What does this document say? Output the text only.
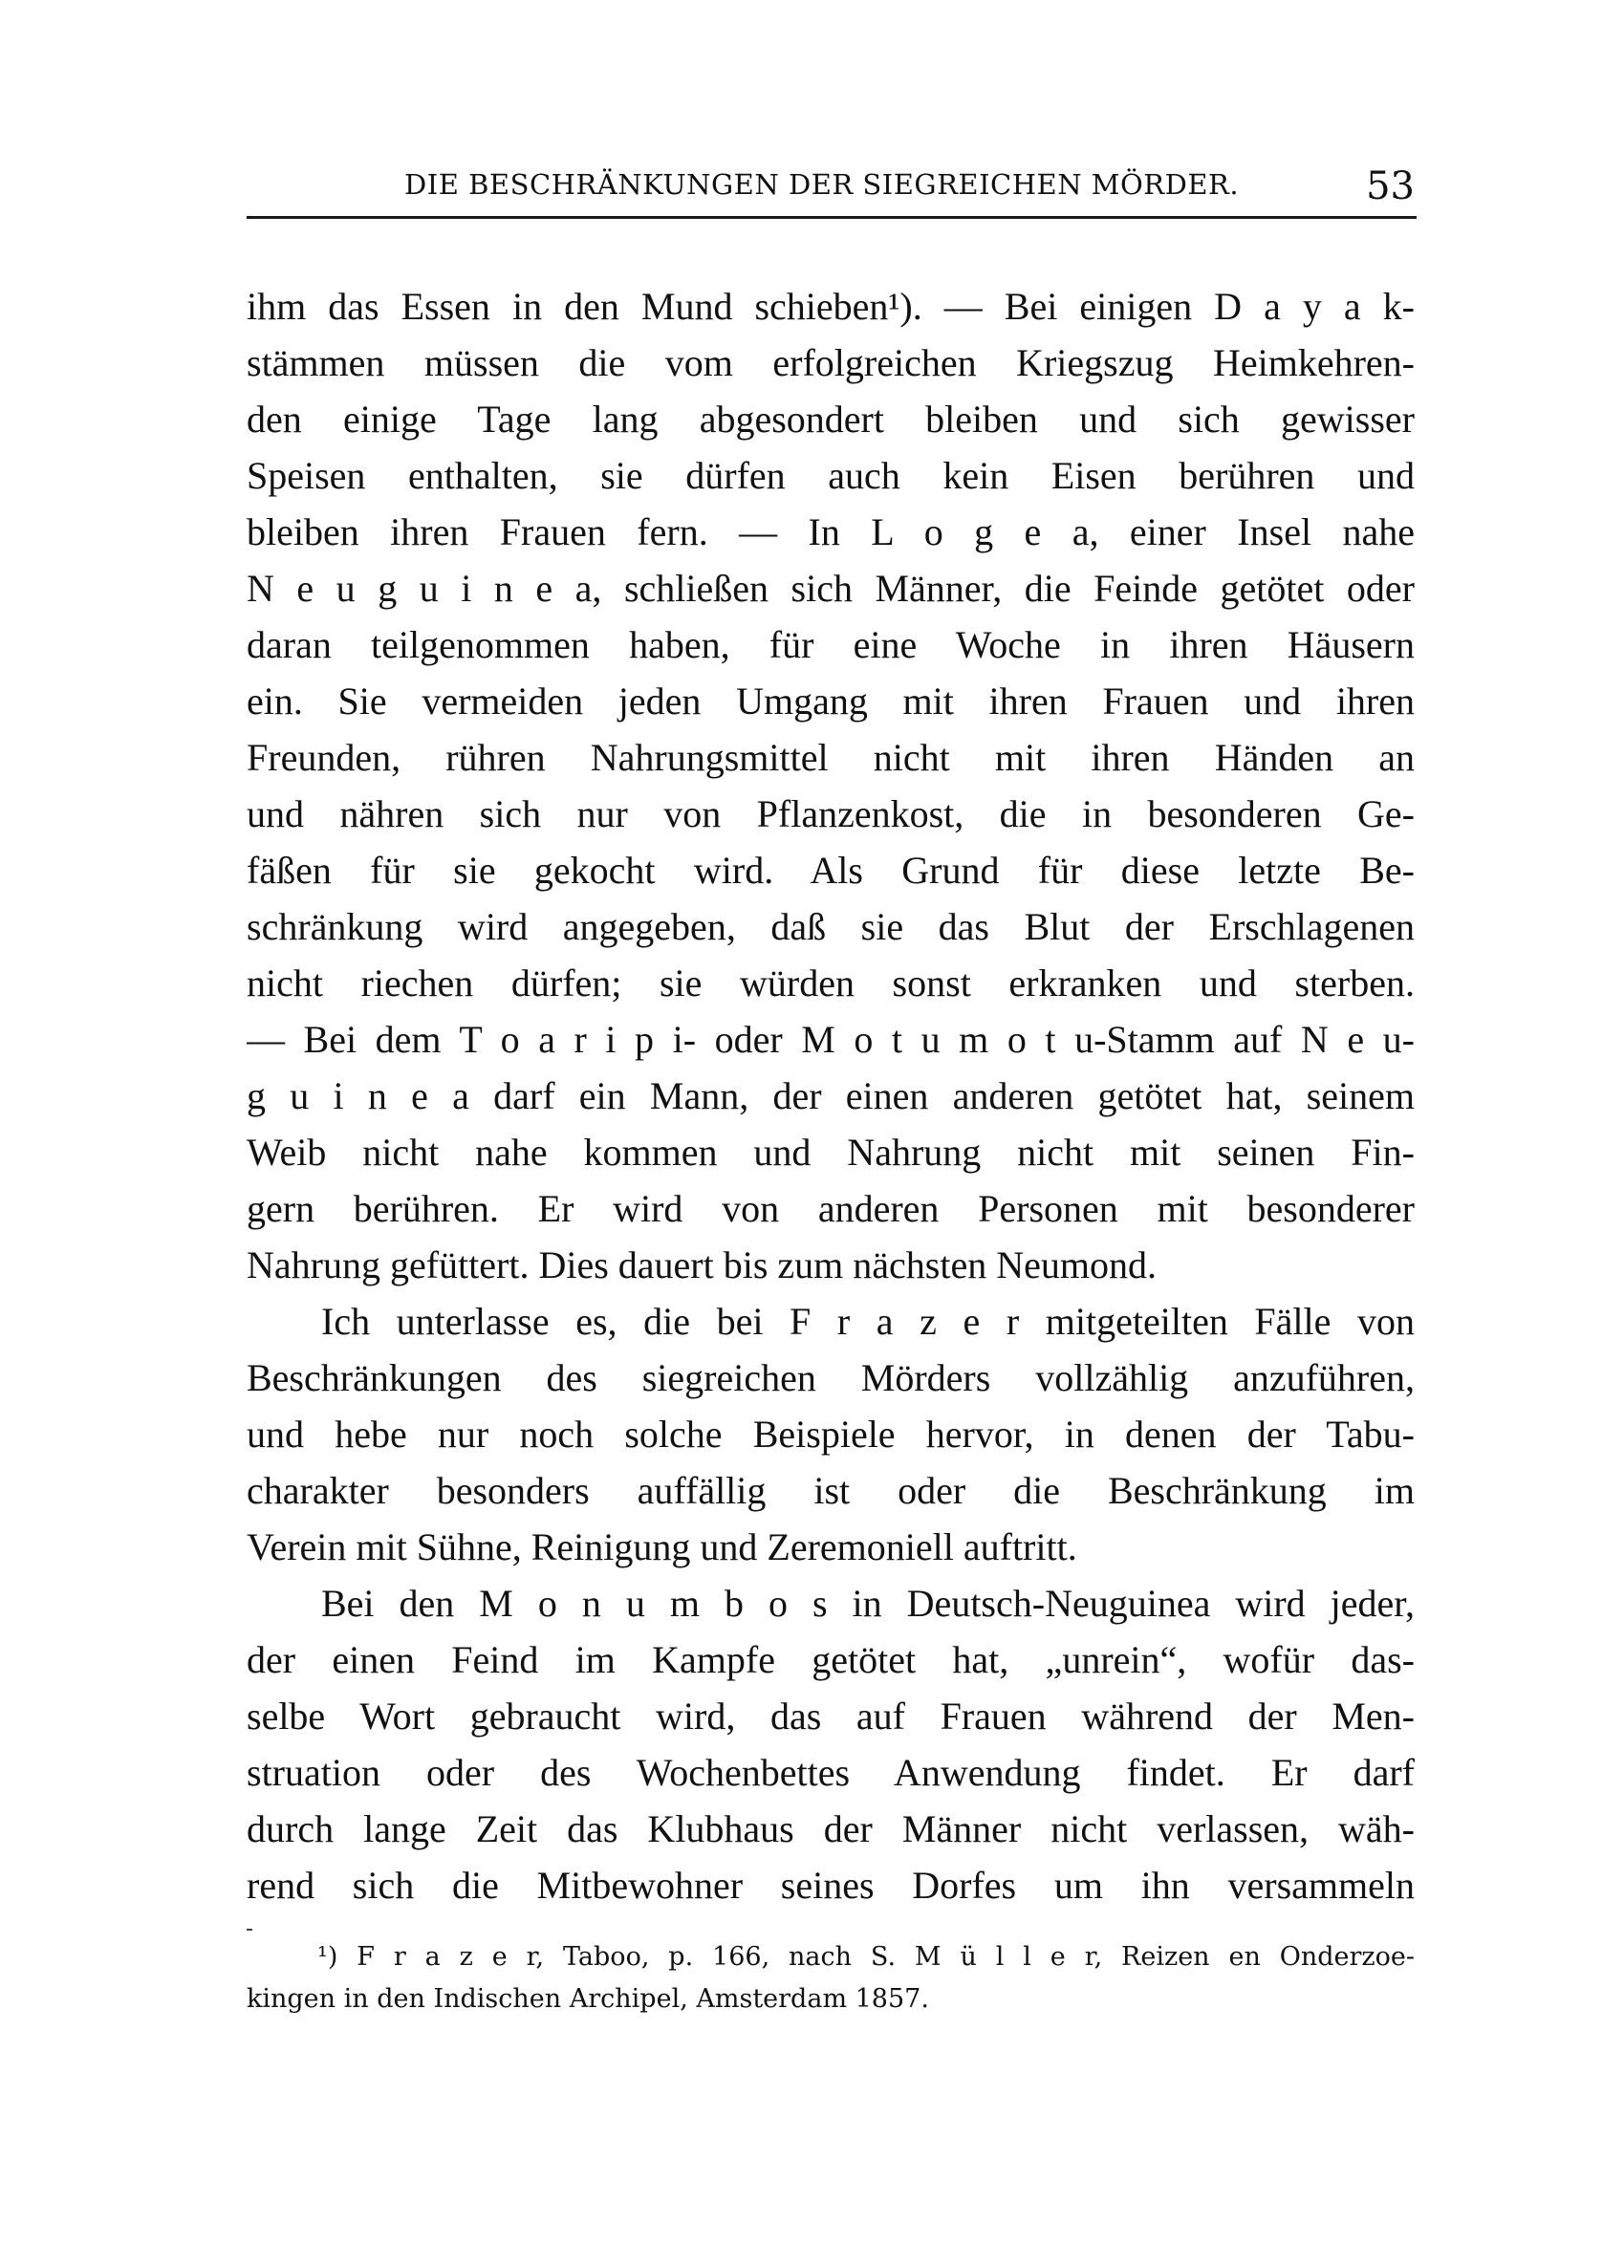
DIE BESCHRÄNKUNGEN DER SIEGREICHEN MÖRDER.	53
ihm das Essen in den Mund schieben¹). — Bei einigen D a y a k-
stämmen müssen die vom erfolgreichen Kriegszug Heimkehren-
den einige Tage lang abgesondert bleiben und sich gewisser
Speisen enthalten, sie dürfen auch kein Eisen berühren und
bleiben ihren Frauen fern. — In L o g e a, einer Insel nahe
N e u g u i n e a, schließen sich Männer, die Feinde getötet oder
daran teilgenommen haben, für eine Woche in ihren Häusern
ein. Sie vermeiden jeden Umgang mit ihren Frauen und ihren
Freunden, rühren Nahrungsmittel nicht mit ihren Händen an
und nähren sich nur von Pflanzenkost, die in besonderen Ge-
fäßen für sie gekocht wird. Als Grund für diese letzte Be-
schränkung wird angegeben, daß sie das Blut der Erschlagenen
nicht riechen dürfen; sie würden sonst erkranken und sterben.
— Bei dem T o a r i p i- oder M o t u m o t u-Stamm auf N e u-
g u i n e a darf ein Mann, der einen anderen getötet hat, seinem
Weib nicht nahe kommen und Nahrung nicht mit seinen Fin-
gern berühren. Er wird von anderen Personen mit besonderer
Nahrung gefüttert. Dies dauert bis zum nächsten Neumond.
Ich unterlasse es, die bei F r a z e r mitgeteilten Fälle von
Beschränkungen des siegreichen Mörders vollzählig anzuführen,
und hebe nur noch solche Beispiele hervor, in denen der Tabu-
charakter besonders auffällig ist oder die Beschränkung im
Verein mit Sühne, Reinigung und Zeremoniell auftritt.
Bei den M o n u m b o s in Deutsch-Neuguinea wird jeder,
der einen Feind im Kampfe getötet hat, „unrein“, wofür das-
selbe Wort gebraucht wird, das auf Frauen während der Men-
struation oder des Wochenbettes Anwendung findet. Er darf
durch lange Zeit das Klubhaus der Männer nicht verlassen, wäh-
rend sich die Mitbewohner seines Dorfes um ihn versammeln
¹) F r a z e r, Taboo, p. 166, nach S. M ü l l e r, Reizen en Onderzoe-
kingen in den Indischen Archipel, Amsterdam 1857.
